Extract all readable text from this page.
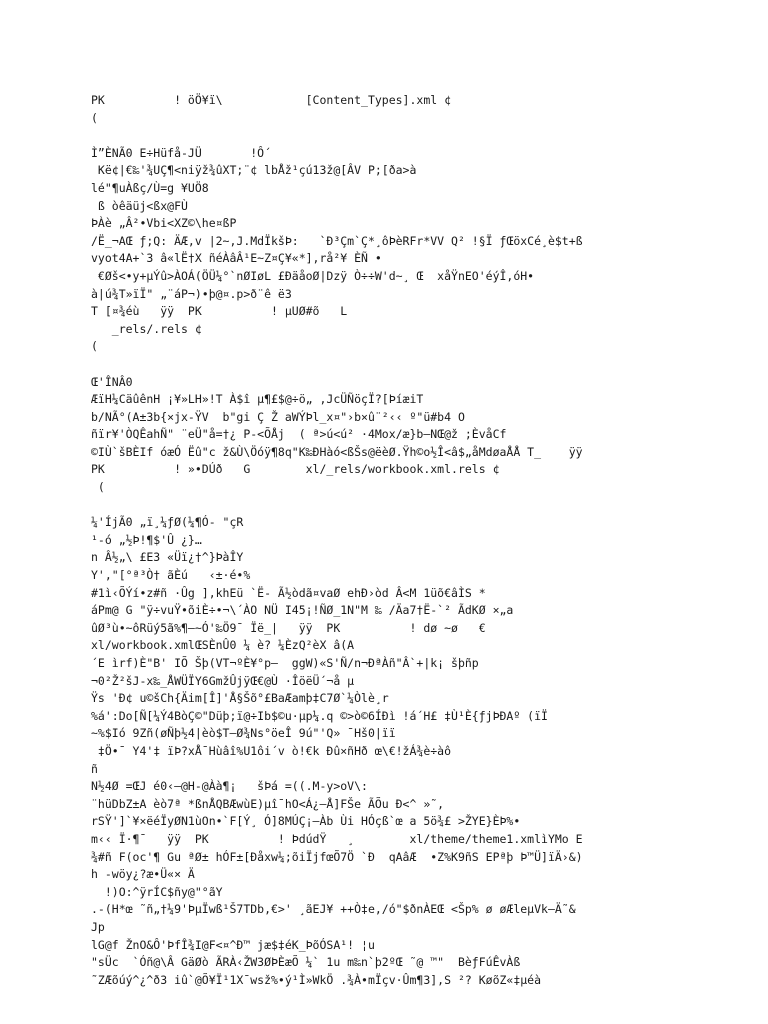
PK          ! öÖ¥ï\            [Content_Types].xml ¢
(
Ì”ÈNÃ0 E÷Hüfå-JÜ       !Ô´
Kë¢|€‰'¾UÇ¶<niÿž¾ûXT;¨¢ lbÅž¹çú13ž@[ÂV P;[ða>à
lé"¶uÀßç/Ù=g ¥UÖ8
ß òêäüj<ßx@FÙ
ÞÀè „Â²•Vbi<XZ©\he¤ßP
/Ë_¬AŒ ƒ;Q: ÄÆ,v |2~,J.MdÏkšÞ:   `Ð³Çm`Ç*¸ôÞèRFr*VV Q² !§Ï ƒŒöxCé¸è$t+ß
vyot4A+`3 â«lË†X ñéÀâÂ¹E~Z¤Ç¥«*],rå²¥ ÈÑ •
€Øš<•y+µÝû>ÀOÁ(ÖÜ¼°`nØIøL £ÐäåoØ|Dzÿ Ò÷÷W'd~¸ Œ  xåŸnEO'éýÎ,óH•
à|ú¾T»ïÏ" „¨áP¬)•þ@¤.p>ð¨ê ë3
T [¤¾éù   ÿÿ  PK          ! µUØ#õ   L
_rels/.rels ¢
(
Œ'ÎNÂ0
ÆïH¼CäûênH ¡¥»LH»!T À$î µ¶£$@÷ö„ ,JcÜÑöçÏ?[ÞíæiT
b/NÃ°(A±3b{×jx-ŸV  b"gi Ç Ž aWÝÞl_x¤"›b×û¨²‹‹ º"ü#b4 O
ñïr¥'ÒQÊahÑ" ¨eÜ"å=†¿ P-<ÕÅj  ( ª>ú<ú² ·4Mox/æ}b–NŒ@ž ;ÈvåCf
©IÙ`šBÈIf óæÓ Ëû"c ž&Ù\Öóÿ¶8q"K‰ÐHàó<ßŠs@ëèØ.Ÿh©o½Î<â$„åMdøaÅÅ T_    ÿÿ
PK          ! »•DÚð   G        xl/_rels/workbook.xml.rels ¢
(
¼'ÍjÃ0 „ï¸¼ƒØ(¼¶Ó- "çR
¹-ó „½Þ!¶$'Û ¿}…
n Â½„\ £E3 «Üï¿†^}ÞàÎY
Y',"[°ª³Ò† ãÈú   ‹±·é•%
#1ì‹ÕÝí•z#ñ ·Ûg ],khEü `Ë- Ã½òdã¤vaØ ehÐ›òd Â<M 1üõ€âÌS *
áPm@ G "ÿ÷vuŸ•õiÈ÷•¬\´ÀO NÜ I45¡!ÑØ_1N"M ‰ /Äa7†Ë-`² ÃdKØ ×„a
ûØ³ù•~ôRüý5ã%¶—~Ó'‰Ö9¯ Ïë_|   ÿÿ  PK          ! dø ~ø   €
xl/workbook.xmlŒSÈnÛ0 ¼ è? ¼ÈzQ²èX â(A
´E ìrf)È"B' IÕ Šþ(VT¬ºÈ¥°p–  ggW)«S'Ñ/n¬ÐªÀñ"Â`+|k¡ šþñp
¬0²Ž²šJ-x‰_ÅWÜÏY6GmžÛjÿŒ€@Ù ·ÎöëÜ´¬å µ
Ÿs 'Ð¢ u©šCh{Äim[Î]'Å§Šõ°£BaÆamþ‡C7Ø`¼Òlè¸r
%á':Do[Ñ[¼Ý4BòÇ©"Düþ;ï@÷Ib$©u·µp¼.q ©>ò©6ÍÐì !á´H£ ‡Ù¹È{ƒjÞÐAº (ïÏ
~%$Ió 9Zñ(øÑþ½4|èò$T–Ø¾Ns°öeÎ 9ú"'Q» ¯Hš0|ïï
‡Ö•¯ Y4'‡ ïÞ?xÅ¯Hùâî%U1ôi´v ò!€k Ðû×ñHð œ\€!žÁ¾è÷àô
ñ
N½4Ø =ŒJ é0‹–@H-@Àà¶¡   šÞá =((.M-y>oV\:
¨hüDbZ±A èò7ª *ßnÅQBÆwùE)µî¯hO<Á¿–Å]FŠe ÃÕu Ð<^ »˜,
rSŸ']`¥×ëéÏyØN1ùOn•`F[Ý¸ Ó]8MÚÇ¡–Àb Ùi HÓçß`œ a 5ö¾£ >ŽYE}ÈÞ%•
m‹‹ Ï·¶¯   ÿÿ  PK          ! ÞdúdŸ   ¸        xl/theme/theme1.xmlìYMo E
¾#ñ F(oc'¶ Gu ªØ± hÓF±[Ðåxw¼;õiÏjfœÕ7Ö `Ð  qAâÆ  •Z%K9ñS EPªþ Þ™Ü]ïÄ›&)
h -wöy¿?æ•Ü«× Ä
!)O:^ÿrÍC$ñy@"°ãY
.-(H*œ ˜ñ„†¼9'ÞµÏwß¹Š7TDb,€>' ¸ãEJ¥ ++Ò‡e,/ó"$ðnÀEŒ <Šp% ø øÆleµVk–Ä˜&
Jp
lG@f ŽnO&Ô'ÞfÎ¾I@F<¤^Ð™ jæ$‡éK_ÞõÓSA¹! ¦u
"sÜc  `Óñ@\Â GäØò ÃRÀ‹ŽW3ØÞÈæÕ ¼` 1u m‰n`þ2ºŒ ˜@ ™"  BèƒFúÊvÀß
˜ZÆõúý^¿^ð3 iû`@Õ¥Ï¹1X¯wsž%•ý¹Ì»WkÖ .¾À•mÏçv·Ûm¶3],S ²? KøõZ«‡µéà
